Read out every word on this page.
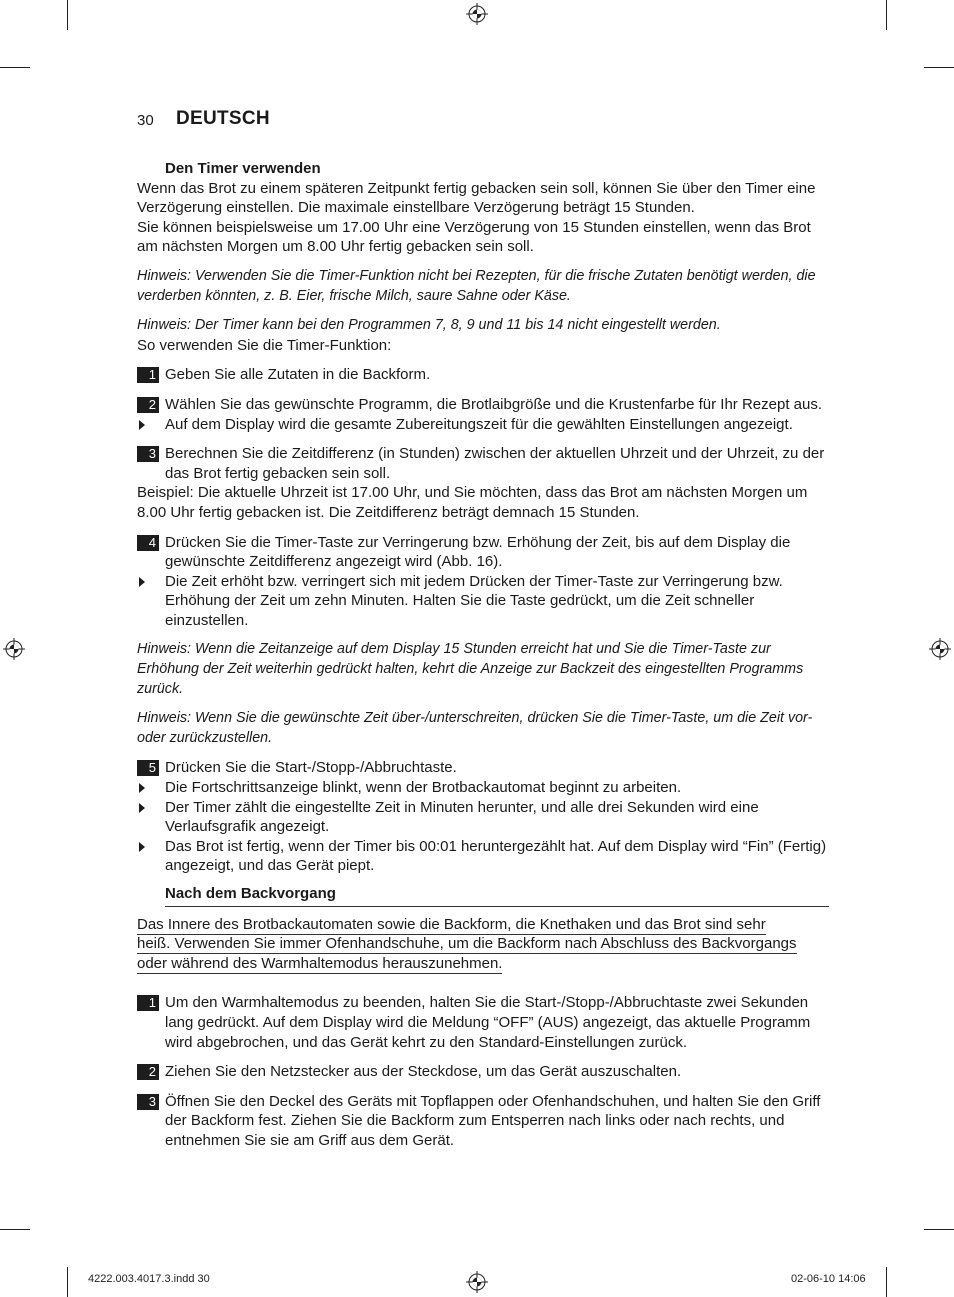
30 DEUTSCH

Den Timer verwenden

Wenn das Brot zu einem späteren Zeitpunkt fertig gebacken sein soll, können Sie über den Timer eine Verzögerung einstellen. Die maximale einstellbare Verzögerung beträgt 15 Stunden.

Sie können beispielsweise um 17.00 Uhr eine Verzögerung von 15 Stunden einstellen, wenn das Brot am nächsten Morgen um 8.00 Uhr fertig gebacken sein soll.

Hinweis: Verwenden Sie die Timer-Funktion nicht bei Rezepten, für die frische Zutaten benötigt werden, die verderben könnten, z. B. Eier, frische Milch, saure Sahne oder Käse.

Hinweis: Der Timer kann bei den Programmen 7, 8, 9 und 11 bis 14 nicht eingestellt werden.

So verwenden Sie die Timer-Funktion:

1 Geben Sie alle Zutaten in die Backform.
2 Wählen Sie das gewünschte Programm, die Brotlaibgröße und die Krustenfarbe für Ihr Rezept aus.
Auf dem Display wird die gesamte Zubereitungszeit für die gewählten Einstellungen angezeigt.
3 Berechnen Sie die Zeitdifferenz (in Stunden) zwischen der aktuellen Uhrzeit und der Uhrzeit, zu der das Brot fertig gebacken sein soll.

Beispiel: Die aktuelle Uhrzeit ist 17.00 Uhr, und Sie möchten, dass das Brot am nächsten Morgen um 8.00 Uhr fertig gebacken ist. Die Zeitdifferenz beträgt demnach 15 Stunden.

4 Drücken Sie die Timer-Taste zur Verringerung bzw. Erhöhung der Zeit, bis auf dem Display die gewünschte Zeitdifferenz angezeigt wird (Abb. 16).
Die Zeit erhöht bzw. verringert sich mit jedem Drücken der Timer-Taste zur Verringerung bzw. Erhöhung der Zeit um zehn Minuten. Halten Sie die Taste gedrückt, um die Zeit schneller einzustellen.

Hinweis: Wenn die Zeitanzeige auf dem Display 15 Stunden erreicht hat und Sie die Timer-Taste zur Erhöhung der Zeit weiterhin gedrückt halten, kehrt die Anzeige zur Backzeit des eingestellten Programms zurück.

Hinweis: Wenn Sie die gewünschte Zeit über-/unterschreiten, drücken Sie die Timer-Taste, um die Zeit vor- oder zurückzustellen.

5 Drücken Sie die Start-/Stopp-/Abbruchtaste.
Die Fortschrittsanzeige blinkt, wenn der Brotbackautomat beginnt zu arbeiten.
Der Timer zählt die eingestellte Zeit in Minuten herunter, und alle drei Sekunden wird eine Verlaufsgrafik angezeigt.
Das Brot ist fertig, wenn der Timer bis 00:01 heruntergezählt hat. Auf dem Display wird “Fin” (Fertig) angezeigt, und das Gerät piept.

Nach dem Backvorgang

Das Innere des Brotbackautomaten sowie die Backform, die Knethaken und das Brot sind sehr
heiß. Verwenden Sie immer Ofenhandschuhe, um die Backform nach Abschluss des Backvorgangs
oder während des Warmhaltemodus herauszunehmen.
1 Um den Warmhaltemodus zu beenden, halten Sie die Start-/Stopp-/Abbruchtaste zwei Sekunden lang gedrückt. Auf dem Display wird die Meldung “OFF” (AUS) angezeigt, das aktuelle Programm wird abgebrochen, und das Gerät kehrt zu den Standard-Einstellungen zurück.
2 Ziehen Sie den Netzstecker aus der Steckdose, um das Gerät auszuschalten.
3 Öffnen Sie den Deckel des Geräts mit Topflappen oder Ofenhandschuhen, und halten Sie den Griff der Backform fest. Ziehen Sie die Backform zum Entsperren nach links oder nach rechts, und entnehmen Sie sie am Griff aus dem Gerät.
4222.003.4017.3.indd 30	02-06-10 14:06
